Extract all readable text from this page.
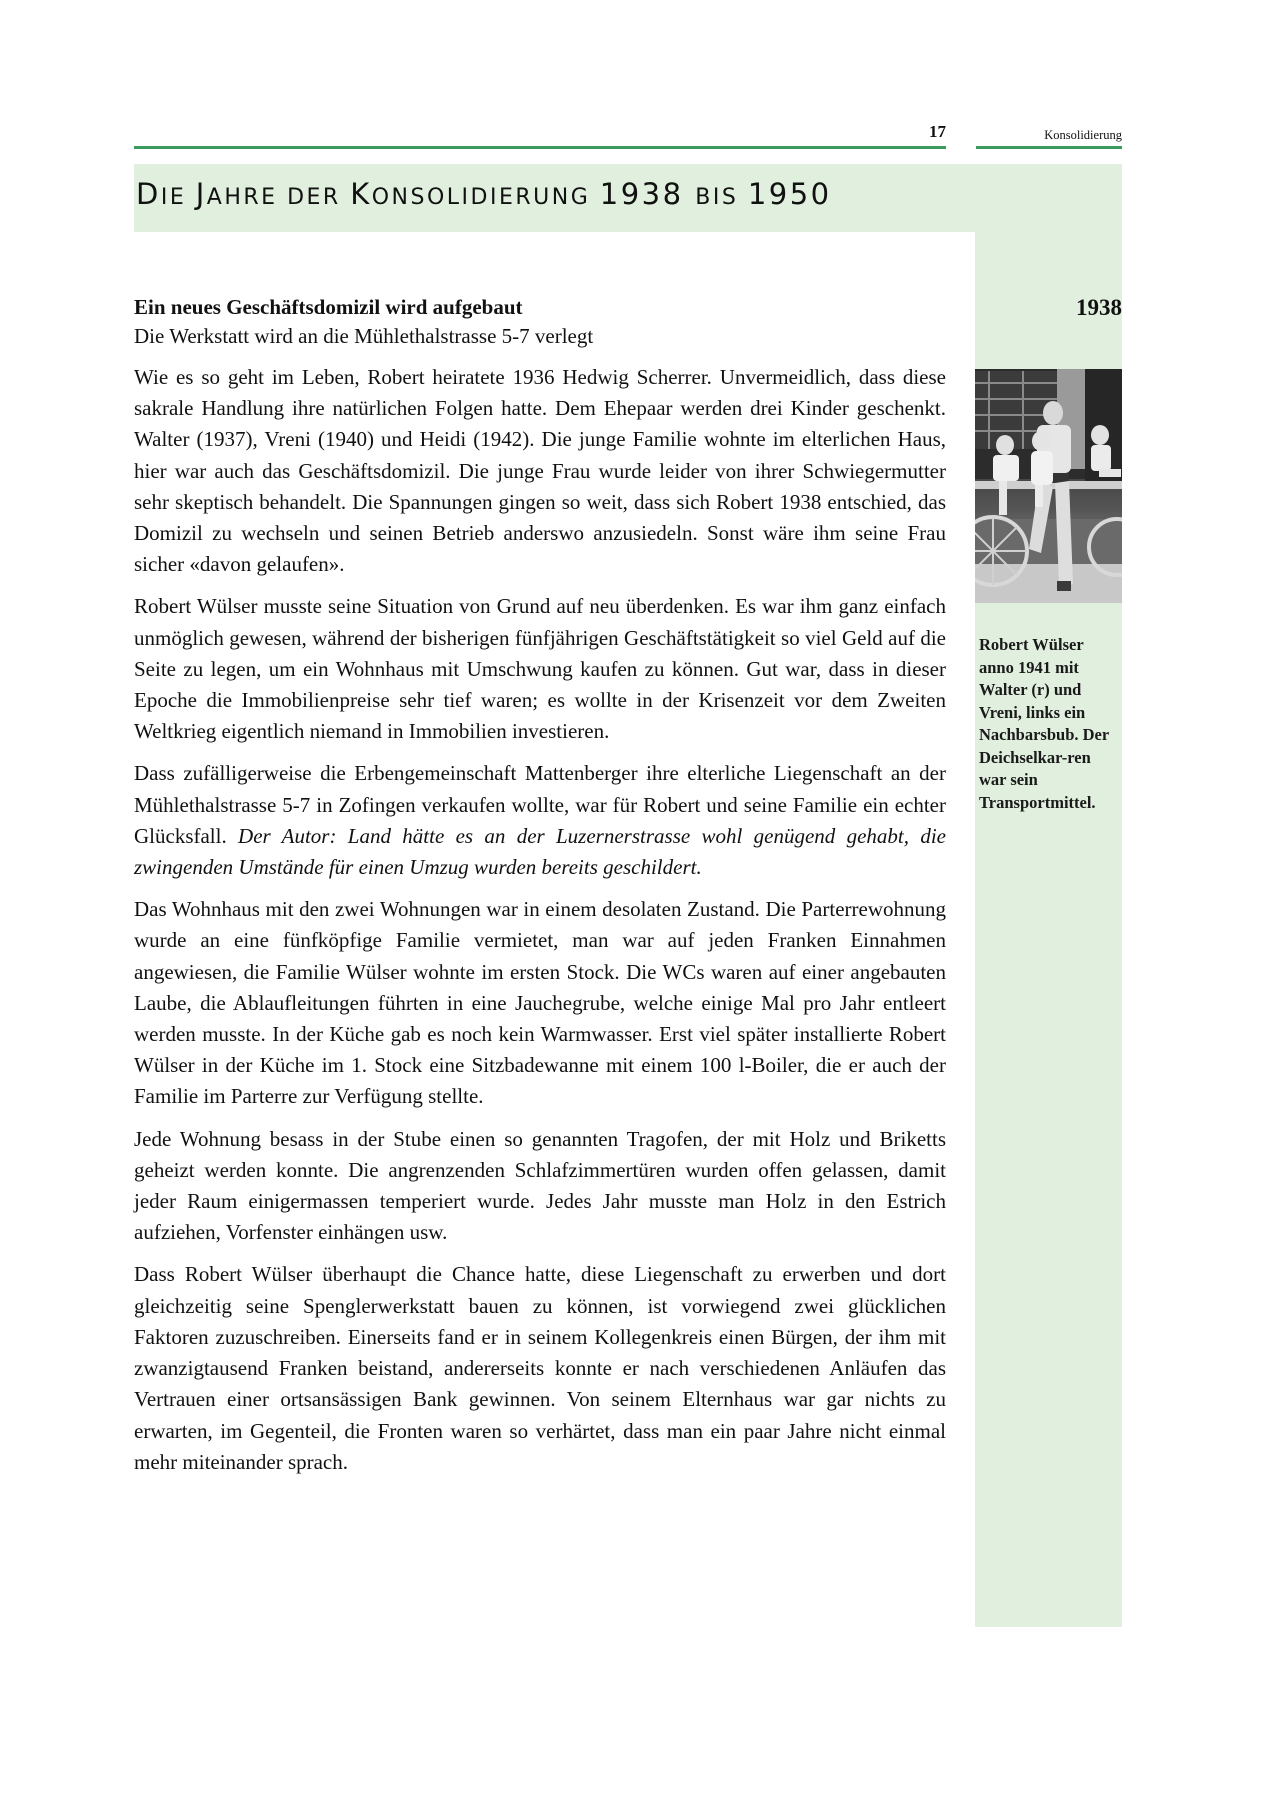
17	Konsolidierung
DIE JAHRE DER KONSOLIDIERUNG 1938 BIS 1950
1938
Robert Wülser anno 1941 mit Walter (r) und Vreni, links ein Nachbarsbub. Der Deichselkar-ren war sein Transportmittel.
Ein neues Geschäftsdomizil wird aufgebaut

Die Werkstatt wird an die Mühlethalstrasse 5-7 verlegt

Wie es so geht im Leben, Robert heiratete 1936 Hedwig Scherrer. Unvermeidlich, dass diese sakrale Handlung ihre natürlichen Folgen hatte. Dem Ehepaar werden drei Kinder geschenkt. Walter (1937), Vreni (1940) und Heidi (1942). Die junge Familie wohnte im elterlichen Haus, hier war auch das Geschäftsdomizil. Die junge Frau wurde leider von ihrer Schwiegermutter sehr skeptisch behandelt. Die Spannungen gingen so weit, dass sich Robert 1938 entschied, das Domizil zu wechseln und seinen Betrieb anderswo anzusiedeln. Sonst wäre ihm seine Frau sicher «davon gelaufen».

Robert Wülser musste seine Situation von Grund auf neu überdenken. Es war ihm ganz einfach unmöglich gewesen, während der bisherigen fünfjährigen Geschäftstätigkeit so viel Geld auf die Seite zu legen, um ein Wohnhaus mit Umschwung kaufen zu können. Gut war, dass in dieser Epoche die Immobilienpreise sehr tief waren; es wollte in der Krisenzeit vor dem Zweiten Weltkrieg eigentlich niemand in Immobilien investieren.

Dass zufälligerweise die Erbengemeinschaft Mattenberger ihre elterliche Liegenschaft an der Mühlethalstrasse 5-7 in Zofingen verkaufen wollte, war für Robert und seine Familie ein echter Glücksfall. Der Autor: Land hätte es an der Luzernerstrasse wohl genügend gehabt, die zwingenden Umstände für einen Umzug wurden bereits geschildert.

Das Wohnhaus mit den zwei Wohnungen war in einem desolaten Zustand. Die Parterrewohnung wurde an eine fünfköpfige Familie vermietet, man war auf jeden Franken Einnahmen angewiesen, die Familie Wülser wohnte im ersten Stock. Die WCs waren auf einer angebauten Laube, die Ablaufleitungen führten in eine Jauchegrube, welche einige Mal pro Jahr entleert werden musste. In der Küche gab es noch kein Warmwasser. Erst viel später installierte Robert Wülser in der Küche im 1. Stock eine Sitzbadewanne mit einem 100 l-Boiler, die er auch der Familie im Parterre zur Verfügung stellte.

Jede Wohnung besass in der Stube einen so genannten Tragofen, der mit Holz und Briketts geheizt werden konnte. Die angrenzenden Schlafzimmertüren wurden offen gelassen, damit jeder Raum einigermassen temperiert wurde. Jedes Jahr musste man Holz in den Estrich aufziehen, Vorfenster einhängen usw.

Dass Robert Wülser überhaupt die Chance hatte, diese Liegenschaft zu erwerben und dort gleichzeitig seine Spenglerwerkstatt bauen zu können, ist vorwiegend zwei glücklichen Faktoren zuzuschreiben. Einerseits fand er in seinem Kollegenkreis einen Bürgen, der ihm mit zwanzigtausend Franken beistand, andererseits konnte er nach verschiedenen Anläufen das Vertrauen einer ortsansässigen Bank gewinnen. Von seinem Elternhaus war gar nichts zu erwarten, im Gegenteil, die Fronten waren so verhärtet, dass man ein paar Jahre nicht einmal mehr miteinander sprach.
